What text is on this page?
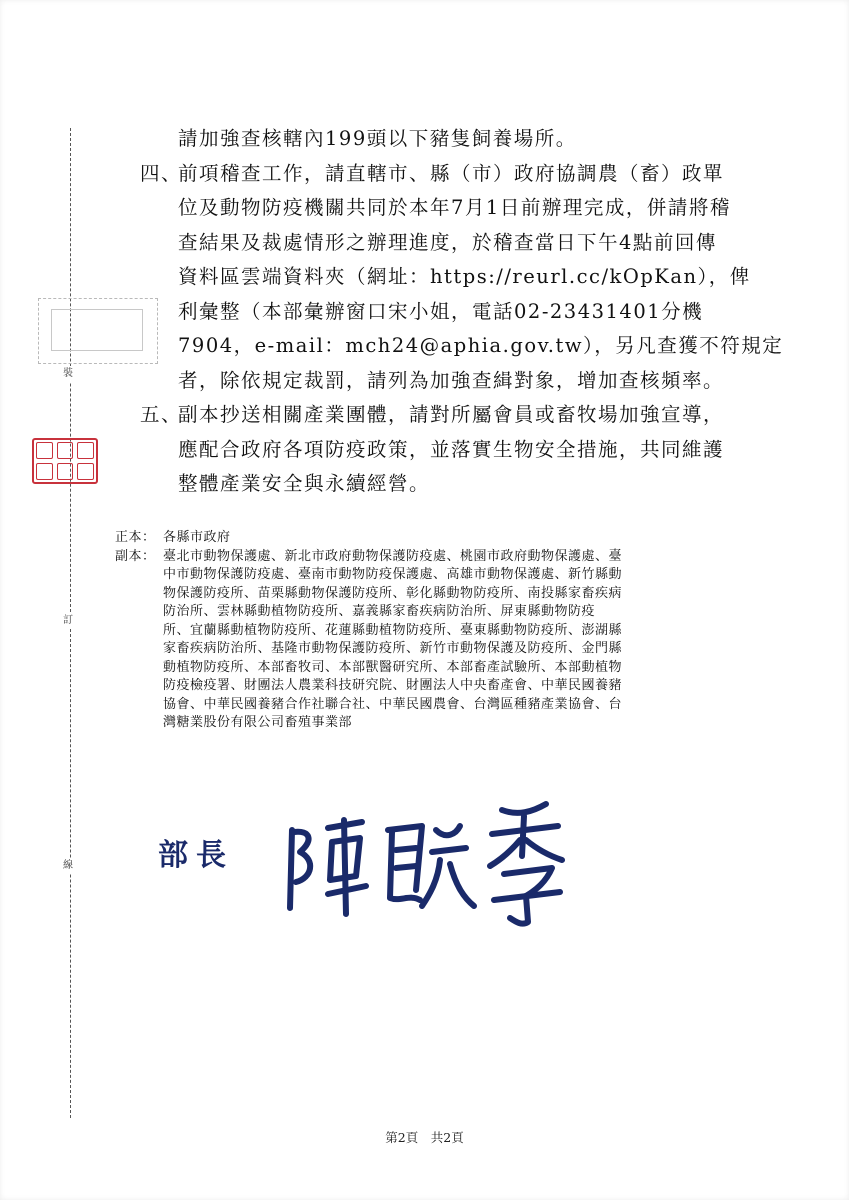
裝
訂
線
請加強查核轄內199頭以下豬隻飼養場所。
四、
前項稽查工作，請直轄市、縣（市）政府協調農（畜）政單
位及動物防疫機關共同於本年7月1日前辦理完成，併請將稽
查結果及裁處情形之辦理進度，於稽查當日下午4點前回傳
資料區雲端資料夾（網址：https://reurl.cc/kOpKan），俾
利彙整（本部彙辦窗口宋小姐，電話02-23431401分機
7904，e-mail：mch24@aphia.gov.tw），另凡查獲不符規定
者，除依規定裁罰，請列為加強查緝對象，增加查核頻率。
五、
副本抄送相關產業團體，請對所屬會員或畜牧場加強宣導，
應配合政府各項防疫政策，並落實生物安全措施，共同維護
整體產業安全與永續經營。
正本： 各縣市政府
副本： 臺北市動物保護處、新北市政府動物保護防疫處、桃園市政府動物保護處、臺
中市動物保護防疫處、臺南市動物防疫保護處、高雄市動物保護處、新竹縣動
物保護防疫所、苗栗縣動物保護防疫所、彰化縣動物防疫所、南投縣家畜疾病
防治所、雲林縣動植物防疫所、嘉義縣家畜疾病防治所、屏東縣動物防疫
所、宜蘭縣動植物防疫所、花蓮縣動植物防疫所、臺東縣動物防疫所、澎湖縣
家畜疾病防治所、基隆市動物保護防疫所、新竹市動物保護及防疫所、金門縣
動植物防疫所、本部畜牧司、本部獸醫研究所、本部畜產試驗所、本部動植物
防疫檢疫署、財團法人農業科技研究院、財團法人中央畜產會、中華民國養豬
協會、中華民國養豬合作社聯合社、中華民國農會、台灣區種豬產業協會、台
灣糖業股份有限公司畜殖事業部
部長
第2頁　共2頁
